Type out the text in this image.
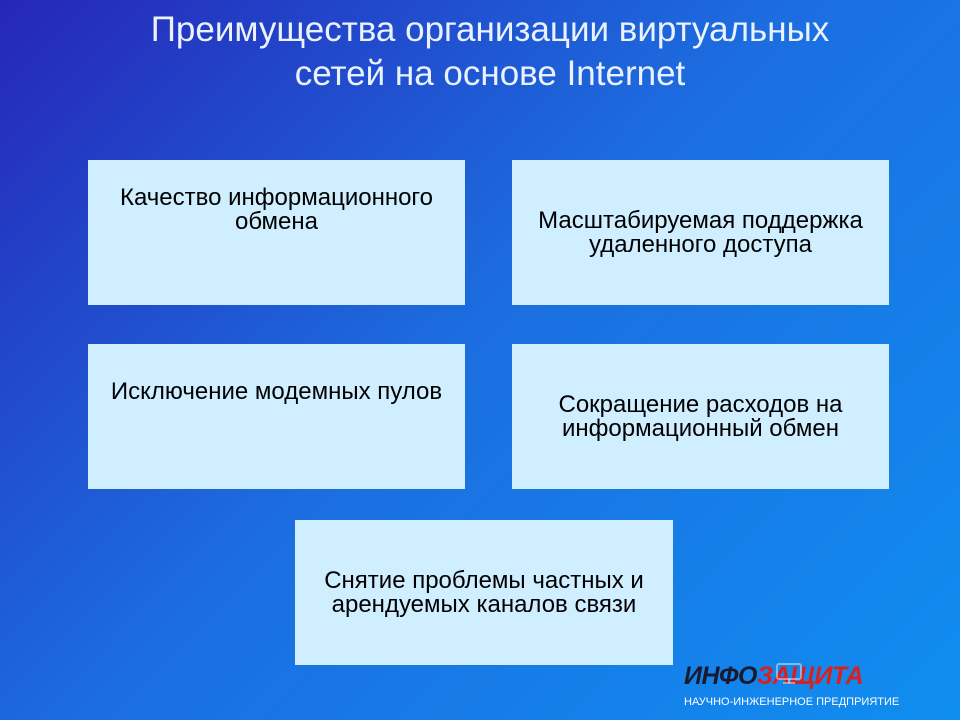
Преимущества организации виртуальных сетей на основе Internet
Качество информационного обмена	Масштабируемая поддержка удаленного доступа
Исключение модемных пулов	Сокращение расходов на информационный обмен
Снятие проблемы частных и арендуемых каналов связи
ИНФОЗАЩИТА
НАУЧНО-ИНЖЕНЕРНОЕ ПРЕДПРИЯТИЕ
